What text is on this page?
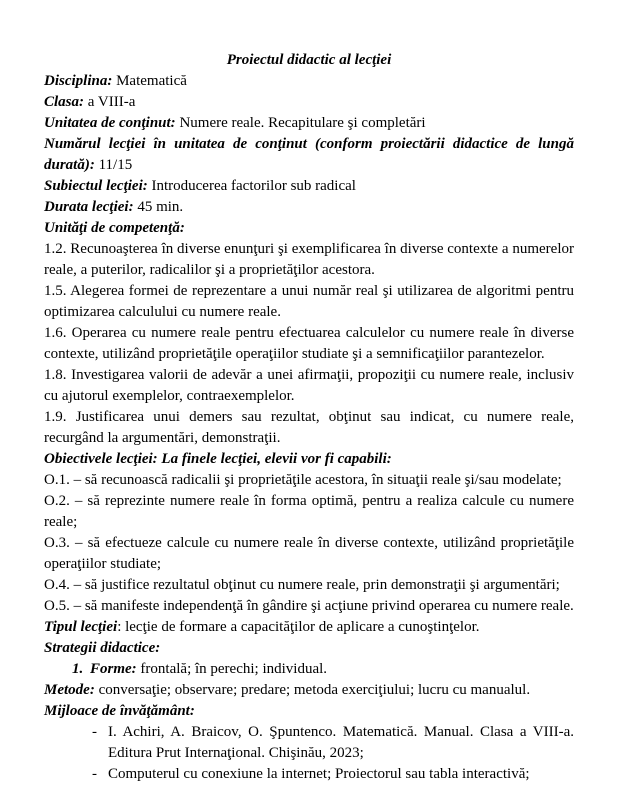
Proiectul didactic al lecţiei

Disciplina: Matematică

Clasa: a VIII-a

Unitatea de conţinut: Numere reale. Recapitulare şi completări

Numărul lecţiei în unitatea de conţinut (conform proiectării didactice de lungă durată): 11/15

Subiectul lecţiei: Introducerea factorilor sub radical

Durata lecţiei: 45 min.

Unităţi de competenţă:

1.2. Recunoaşterea în diverse enunţuri şi exemplificarea în diverse contexte a numerelor reale, a puterilor, radicalilor şi a proprietăţilor acestora.

1.5. Alegerea formei de reprezentare a unui număr real şi utilizarea de algoritmi pentru optimizarea calculului cu numere reale.

1.6. Operarea cu numere reale pentru efectuarea calculelor cu numere reale în diverse contexte, utilizând proprietăţile operaţiilor studiate şi a semnificaţiilor parantezelor.

1.8. Investigarea valorii de adevăr a unei afirmaţii, propoziţii cu numere reale, inclusiv cu ajutorul exemplelor, contraexemplelor.

1.9. Justificarea unui demers sau rezultat, obţinut sau indicat, cu numere reale, recurgând la argumentări, demonstraţii.

Obiectivele lecţiei: La finele lecţiei, elevii vor fi capabili:

O.1. – să recunoască radicalii şi proprietăţile acestora, în situaţii reale şi/sau modelate;

O.2. – să reprezinte numere reale în forma optimă, pentru a realiza calcule cu numere reale;

O.3. – să efectueze calcule cu numere reale în diverse contexte, utilizând proprietăţile operaţiilor studiate;

O.4. – să justifice rezultatul obţinut cu numere reale, prin demonstraţii şi argumentări;

O.5. – să manifeste independenţă în gândire şi acţiune privind operarea cu numere reale.

Tipul lecţiei: lecţie de formare a capacităţilor de aplicare a cunoştinţelor.

Strategii didactice:

1. Forme: frontală; în perechi; individual.

Metode: conversaţie; observare; predare; metoda exerciţiului; lucru cu manualul.

Mijloace de învăţământ:

- I. Achiri, A. Braicov, O. Şpuntenco. Matematică. Manual. Clasa a VIII-a. Editura Prut Internaţional. Chişinău, 2023;

- Computerul cu conexiune la internet; Proiectorul sau tabla interactivă;
